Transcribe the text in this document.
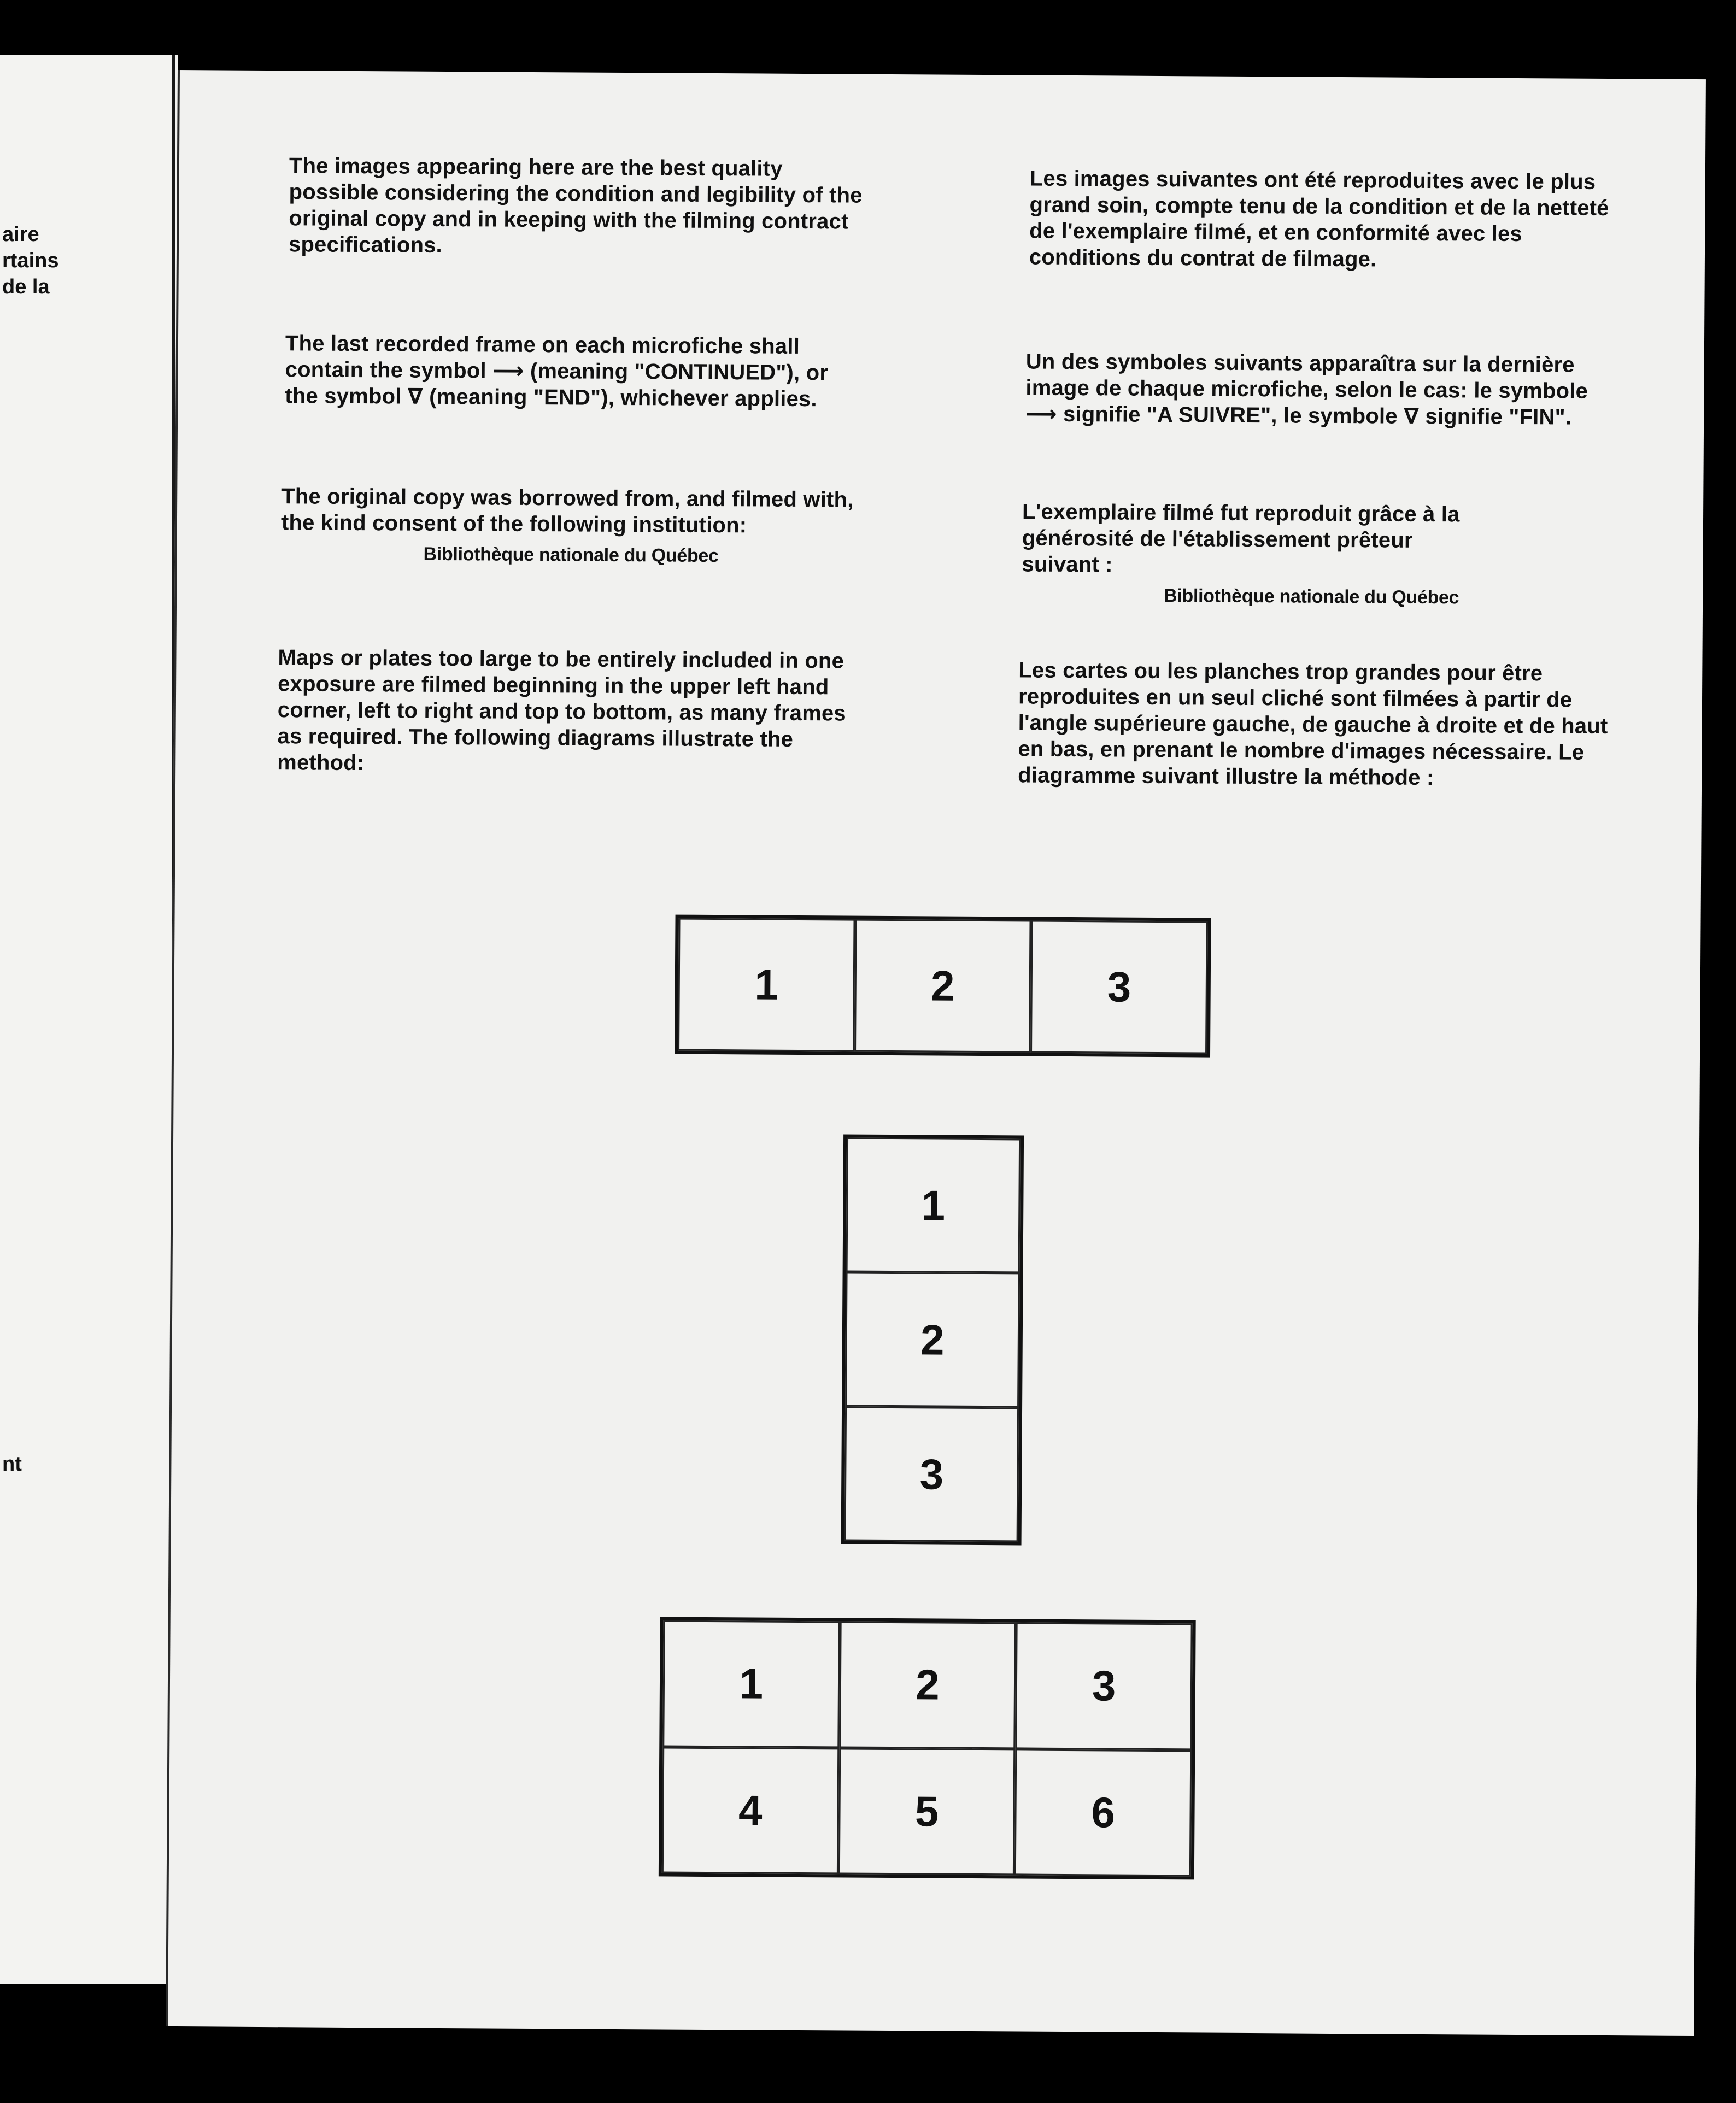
aire
rtains
de la
nt

The images appearing here are the best quality possible considering the condition and legibility of the original copy and in keeping with the filming contract specifications.

The last recorded frame on each microfiche shall contain the symbol ⟶ (meaning "CONTINUED"), or the symbol ∇ (meaning "END"), whichever applies.

The original copy was borrowed from, and filmed with, the kind consent of the following institution:

Bibliothèque nationale du Québec

Maps or plates too large to be entirely included in one exposure are filmed beginning in the upper left hand corner, left to right and top to bottom, as many frames as required. The following diagrams illustrate the method:

Les images suivantes ont été reproduites avec le plus grand soin, compte tenu de la condition et de la netteté de l'exemplaire filmé, et en conformité avec les conditions du contrat de filmage.

Un des symboles suivants apparaîtra sur la dernière image de chaque microfiche, selon le cas: le symbole ⟶ signifie "A SUIVRE", le symbole ∇ signifie "FIN".

L'exemplaire filmé fut reproduit grâce à la générosité de l'établissement prêteur suivant :

Bibliothèque nationale du Québec

Les cartes ou les planches trop grandes pour être reproduites en un seul cliché sont filmées à partir de l'angle supérieure gauche, de gauche à droite et de haut en bas, en prenant le nombre d'images nécessaire. Le diagramme suivant illustre la méthode :

1	2	3
1
2
3
1	2	3
4	5	6
